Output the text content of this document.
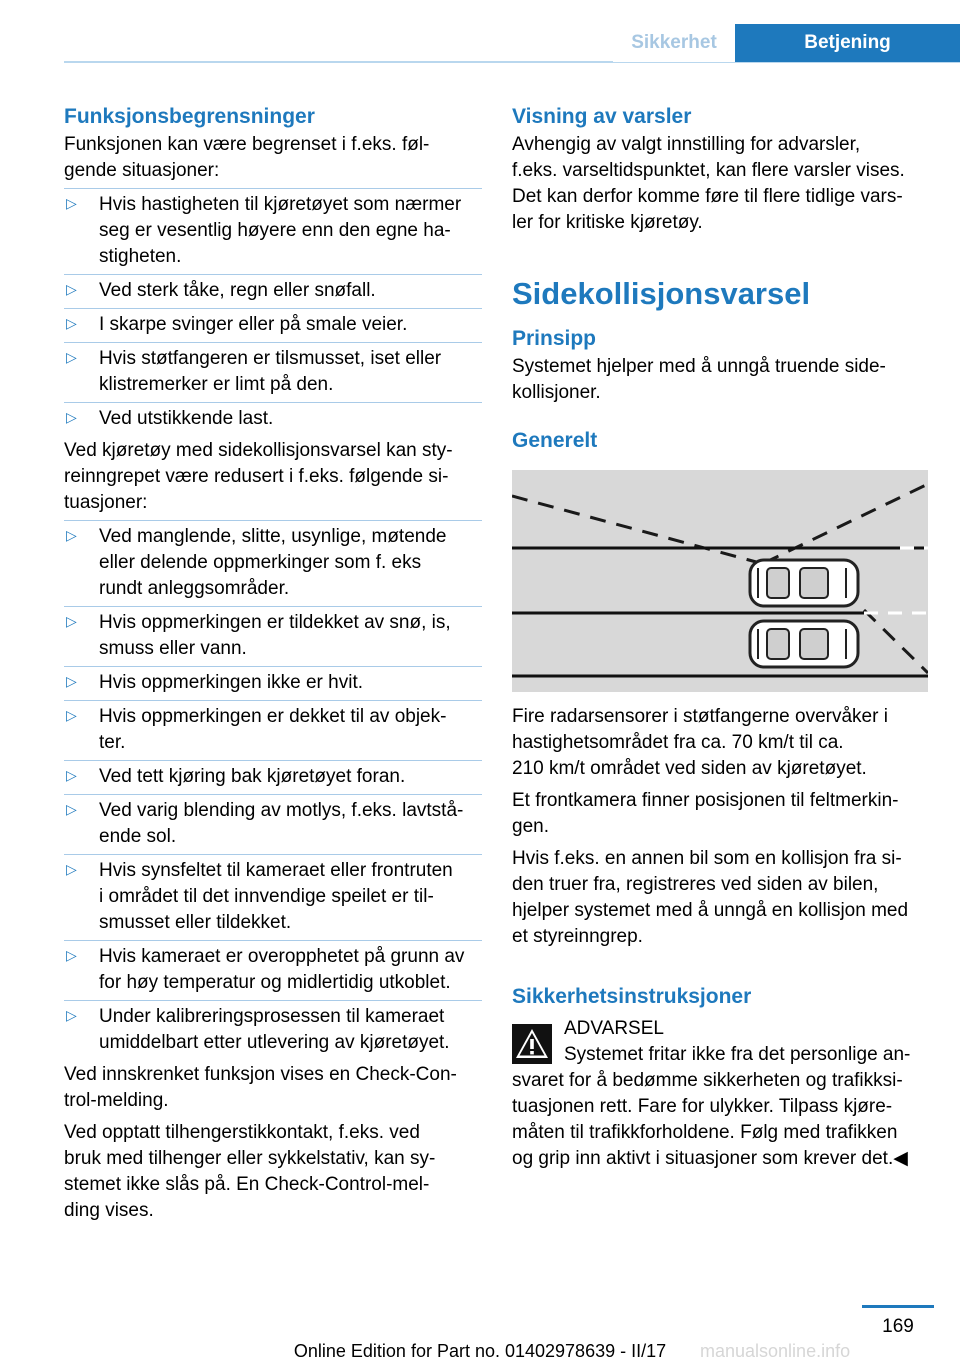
Sikkerhet	Betjening
Funksjonsbegrensninger
Funksjonen kan være begrenset i f.eks. føl-
gende situasjoner:
▷ Hvis hastigheten til kjøretøyet som nærmer
seg er vesentlig høyere enn den egne ha-
stigheten.
▷ Ved sterk tåke, regn eller snøfall.
▷ I skarpe svinger eller på smale veier.
▷ Hvis støtfangeren er tilsmusset, iset eller
klistremerker er limt på den.
▷ Ved utstikkende last.
Ved kjøretøy med sidekollisjonsvarsel kan sty-
reinngrepet være redusert i f.eks. følgende si-
tuasjoner:
▷ Ved manglende, slitte, usynlige, møtende
eller delende oppmerkinger som f. eks
rundt anleggsområder.
▷ Hvis oppmerkingen er tildekket av snø, is,
smuss eller vann.
▷ Hvis oppmerkingen ikke er hvit.
▷ Hvis oppmerkingen er dekket til av objek-
ter.
▷ Ved tett kjøring bak kjøretøyet foran.
▷ Ved varig blending av motlys, f.eks. lavtstå-
ende sol.
▷ Hvis synsfeltet til kameraet eller frontruten
i området til det innvendige speilet er til-
smusset eller tildekket.
▷ Hvis kameraet er overopphetet på grunn av
for høy temperatur og midlertidig utkoblet.
▷ Under kalibreringsprosessen til kameraet
umiddelbart etter utlevering av kjøretøyet.
Ved innskrenket funksjon vises en Check-Con-
trol-melding.
Ved opptatt tilhengerstikkontakt, f.eks. ved
bruk med tilhenger eller sykkelstativ, kan sy-
stemet ikke slås på. En Check-Control-mel-
ding vises.
Visning av varsler
Avhengig av valgt innstilling for advarsler,
f.eks. varseltidspunktet, kan flere varsler vises.
Det kan derfor komme føre til flere tidlige vars-
ler for kritiske kjøretøy.
Sidekollisjonsvarsel
Prinsipp
Systemet hjelper med å unngå truende side-
kollisjoner.
Generelt
Fire radarsensorer i støtfangerne overvåker i
hastighetsområdet fra ca. 70 km/t til ca.
210 km/t området ved siden av kjøretøyet.
Et frontkamera finner posisjonen til feltmerkin-
gen.
Hvis f.eks. en annen bil som en kollisjon fra si-
den truer fra, registreres ved siden av bilen,
hjelper systemet med å unngå en kollisjon med
et styreinngrep.
Sikkerhetsinstruksjoner
ADVARSEL
Systemet fritar ikke fra det personlige an-
svaret for å bedømme sikkerheten og trafikksi-
tuasjonen rett. Fare for ulykker. Tilpass kjøre-
måten til trafikkforholdene. Følg med trafikken
og grip inn aktivt i situasjoner som krever det.◀
169
Online Edition for Part no. 01402978639 - II/17 manualsonline.info
